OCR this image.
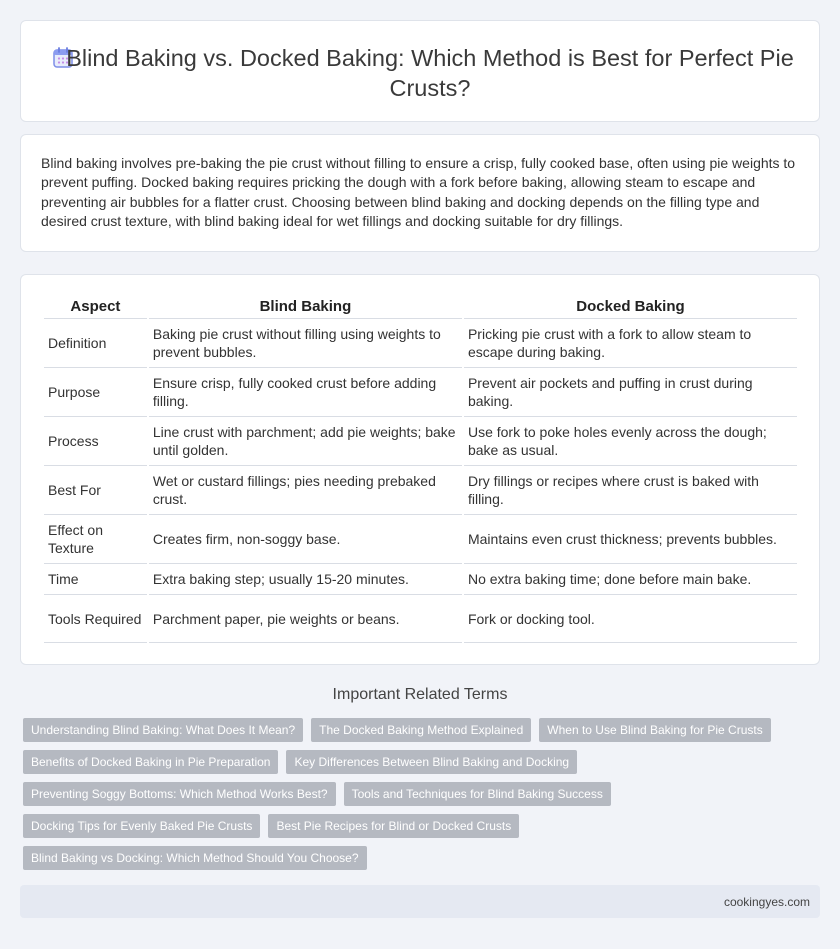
Blind Baking vs. Docked Baking: Which Method is Best for Perfect Pie Crusts?

Blind baking involves pre-baking the pie crust without filling to ensure a crisp, fully cooked base, often using pie weights to prevent puffing. Docked baking requires pricking the dough with a fork before baking, allowing steam to escape and preventing air bubbles for a flatter crust. Choosing between blind baking and docking depends on the filling type and desired crust texture, with blind baking ideal for wet fillings and docking suitable for dry fillings.

Aspect	Blind Baking	Docked Baking
Definition	Baking pie crust without filling using weights to prevent bubbles.	Pricking pie crust with a fork to allow steam to escape during baking.
Purpose	Ensure crisp, fully cooked crust before adding filling.	Prevent air pockets and puffing in crust during baking.
Process	Line crust with parchment; add pie weights; bake until golden.	Use fork to poke holes evenly across the dough; bake as usual.
Best For	Wet or custard fillings; pies needing prebaked crust.	Dry fillings or recipes where crust is baked with filling.
Effect on Texture	Creates firm, non-soggy base.	Maintains even crust thickness; prevents bubbles.
Time	Extra baking step; usually 15-20 minutes.	No extra baking time; done before main bake.
Tools Required	Parchment paper, pie weights or beans.	Fork or docking tool.
Important Related Terms
Understanding Blind Baking: What Does It Mean?	The Docked Baking Method Explained	When to Use Blind Baking for Pie Crusts
Benefits of Docked Baking in Pie Preparation	Key Differences Between Blind Baking and Docking
Preventing Soggy Bottoms: Which Method Works Best?	Tools and Techniques for Blind Baking Success
Docking Tips for Evenly Baked Pie Crusts	Best Pie Recipes for Blind or Docked Crusts
Blind Baking vs Docking: Which Method Should You Choose?
cookingyes.com
